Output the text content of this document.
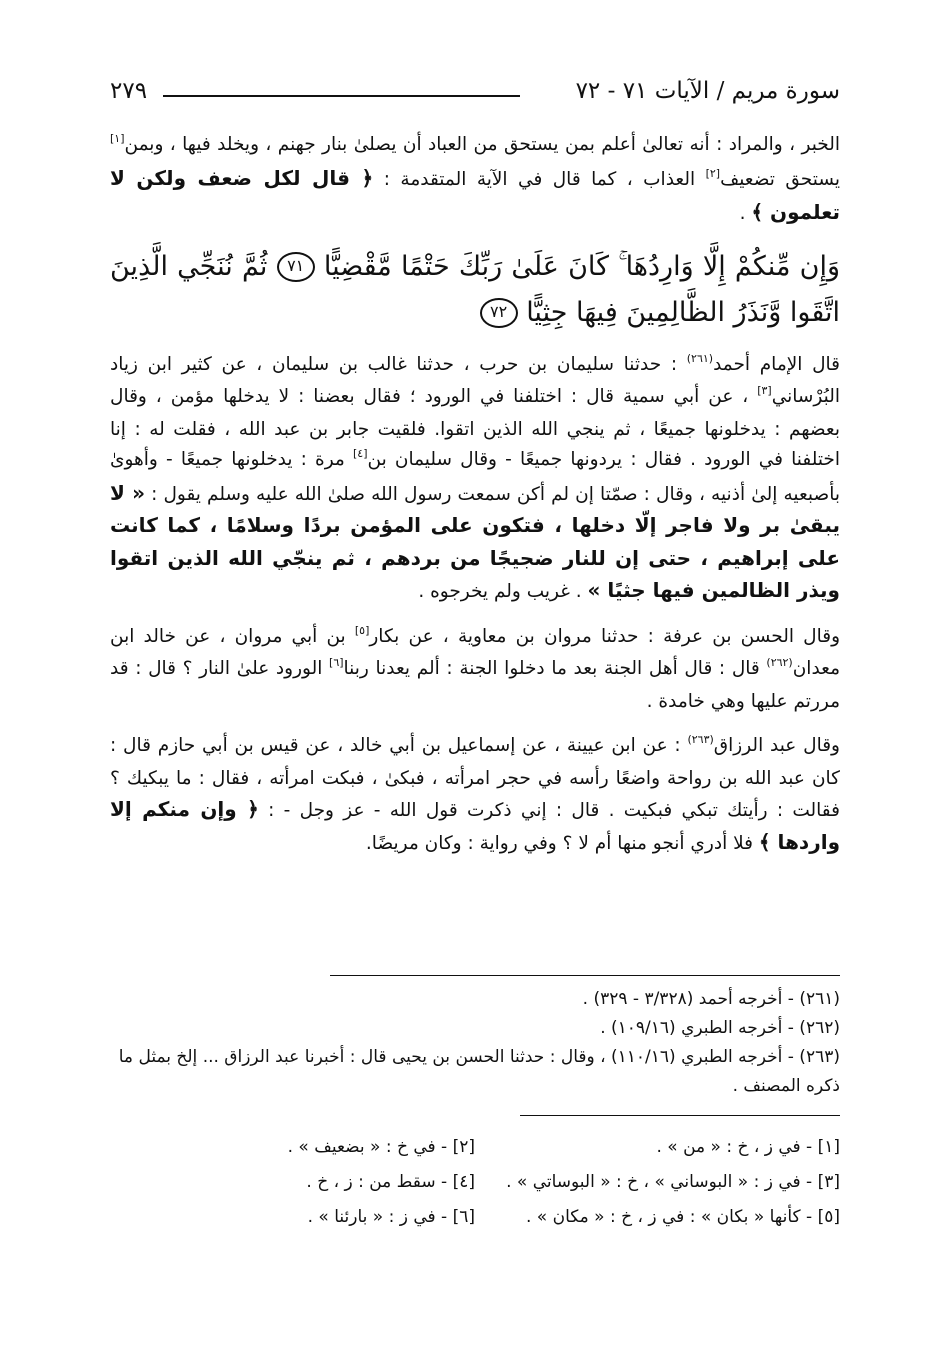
سورة مريم / الآيات ٧١ - ٧٢
٢٧٩

الخبر ، والمراد : أنه تعالىٰ أعلم بمن يستحق من العباد أن يصلىٰ بنار جهنم ، ويخلد فيها ، وبمن[١] يستحق تضعيف[٢] العذاب ، كما قال في الآية المتقدمة : ﴿ قال لكل ضعف ولكن لا تعلمون ﴾ .

وَإِن مِّنكُمْ إِلَّا وَارِدُهَا ۚ كَانَ عَلَىٰ رَبِّكَ حَتْمًا مَّقْضِيًّا ٧١ ثُمَّ نُنَجِّي الَّذِينَ اتَّقَوا وَّنَذَرُ الظَّالِمِينَ فِيهَا جِثِيًّا ٧٢

قال الإمام أحمد$^{(٢٦١)}$ : حدثنا سليمان بن حرب ، حدثنا غالب بن سليمان ، عن كثير ابن زياد البُرْساني[٣] ، عن أبي سمية قال : اختلفنا في الورود ؛ فقال بعضنا : لا يدخلها مؤمن ، وقال بعضهم : يدخلونها جميعًا ، ثم ينجي الله الذين اتقوا. فلقيت جابر بن عبد الله ، فقلت له : إنا اختلفنا في الورود . فقال : يردونها جميعًا - وقال سليمان بن[٤] مرة : يدخلونها جميعًا - وأهوىٰ بأصبعيه إلىٰ أذنيه ، وقال : صمّتا إن لم أكن سمعت رسول الله صلىٰ الله عليه وسلم يقول : « لا يبقىٰ بر ولا فاجر إلّا دخلها ، فتكون على المؤمن بردًا وسلامًا ، كما كانت على إبراهيم ، حتى إن للنار ضجيجًا من بردهم ، ثم ينجّي الله الذين اتقوا ويذر الظالمين فيها جثيًا » . غريب ولم يخرجوه .

وقال الحسن بن عرفة : حدثنا مروان بن معاوية ، عن بكار[٥] بن أبي مروان ، عن خالد ابن معدان$^{(٢٦٢)}$ قال : قال أهل الجنة بعد ما دخلوا الجنة : ألم يعدنا ربنا[٦] الورود علىٰ النار ؟ قال : قد مررتم عليها وهي خامدة .

وقال عبد الرزاق$^{(٢٦٣)}$ : عن ابن عيينة ، عن إسماعيل بن أبي خالد ، عن قيس بن أبي حازم قال : كان عبد الله بن رواحة واضعًا رأسه في حجر امرأته ، فبكىٰ ، فبكت امرأته ، فقال : ما يبكيك ؟ فقالت : رأيتك تبكي فبكيت . قال : إني ذكرت قول الله - عز وجل - : ﴿ وإن منكم إلا واردها ﴾ فلا أدري أنجو منها أم لا ؟ وفي رواية : وكان مريضًا.

(٢٦١) - أخرجه أحمد (٣/٣٢٨ - ٣٢٩) .

(٢٦٢) - أخرجه الطبري (١٠٩/١٦) .

(٢٦٣) - أخرجه الطبري (١١٠/١٦) ، وقال : حدثنا الحسن بن يحيى قال : أخبرنا عبد الرزاق ... إلخ بمثل ما ذكره المصنف .

[١] - في ز ، خ : « من » .
[٢] - في خ : « بضعيف » .
[٣] - في ز : « البوساني » ، خ : « البوساتي » .
[٤] - سقط من : ز ، خ .
[٥] - كأنها « بكان » : في ز ، خ : « مكان » .
[٦] - في ز : « بارئنا » .
